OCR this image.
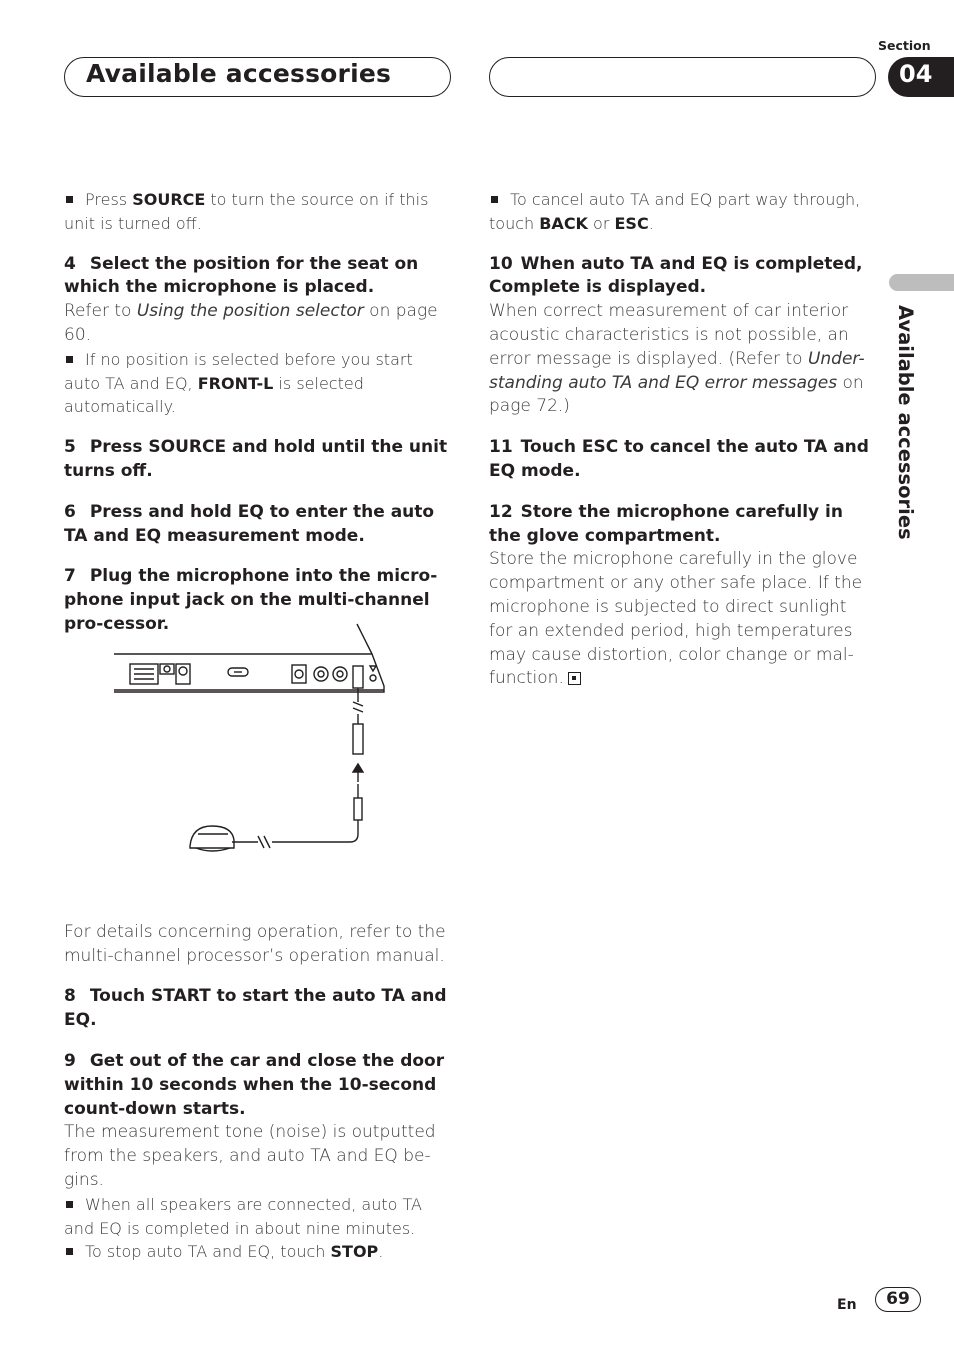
Available accessories
Section
04
Available accessories

Press SOURCE to turn the source on if this unit is turned off.

4 Select the position for the seat on which the microphone is placed.

Refer to Using the position selector on page 60.

If no position is selected before you start auto TA and EQ, FRONT-L is selected automatically.

5 Press SOURCE and hold until the unit turns off.

6 Press and hold EQ to enter the auto TA and EQ measurement mode.

7 Plug the microphone into the micro-phone input jack on the multi-channel pro-cessor.

For details concerning operation, refer to the multi-channel processor’s operation manual.

8 Touch START to start the auto TA and EQ.

9 Get out of the car and close the door within 10 seconds when the 10-second count-down starts.

The measurement tone (noise) is outputted from the speakers, and auto TA and EQ be-gins.

When all speakers are connected, auto TA and EQ is completed in about nine minutes.

To stop auto TA and EQ, touch STOP.

To cancel auto TA and EQ part way through, touch BACK or ESC.

10 When auto TA and EQ is completed, Complete is displayed.

When correct measurement of car interior acoustic characteristics is not possible, an error message is displayed. (Refer to Under-standing auto TA and EQ error messages on page 72.)

11 Touch ESC to cancel the auto TA and EQ mode.

12 Store the microphone carefully in the glove compartment.

Store the microphone carefully in the glove compartment or any other safe place. If the microphone is subjected to direct sunlight for an extended period, high temperatures may cause distortion, color change or mal-function.

En	69
